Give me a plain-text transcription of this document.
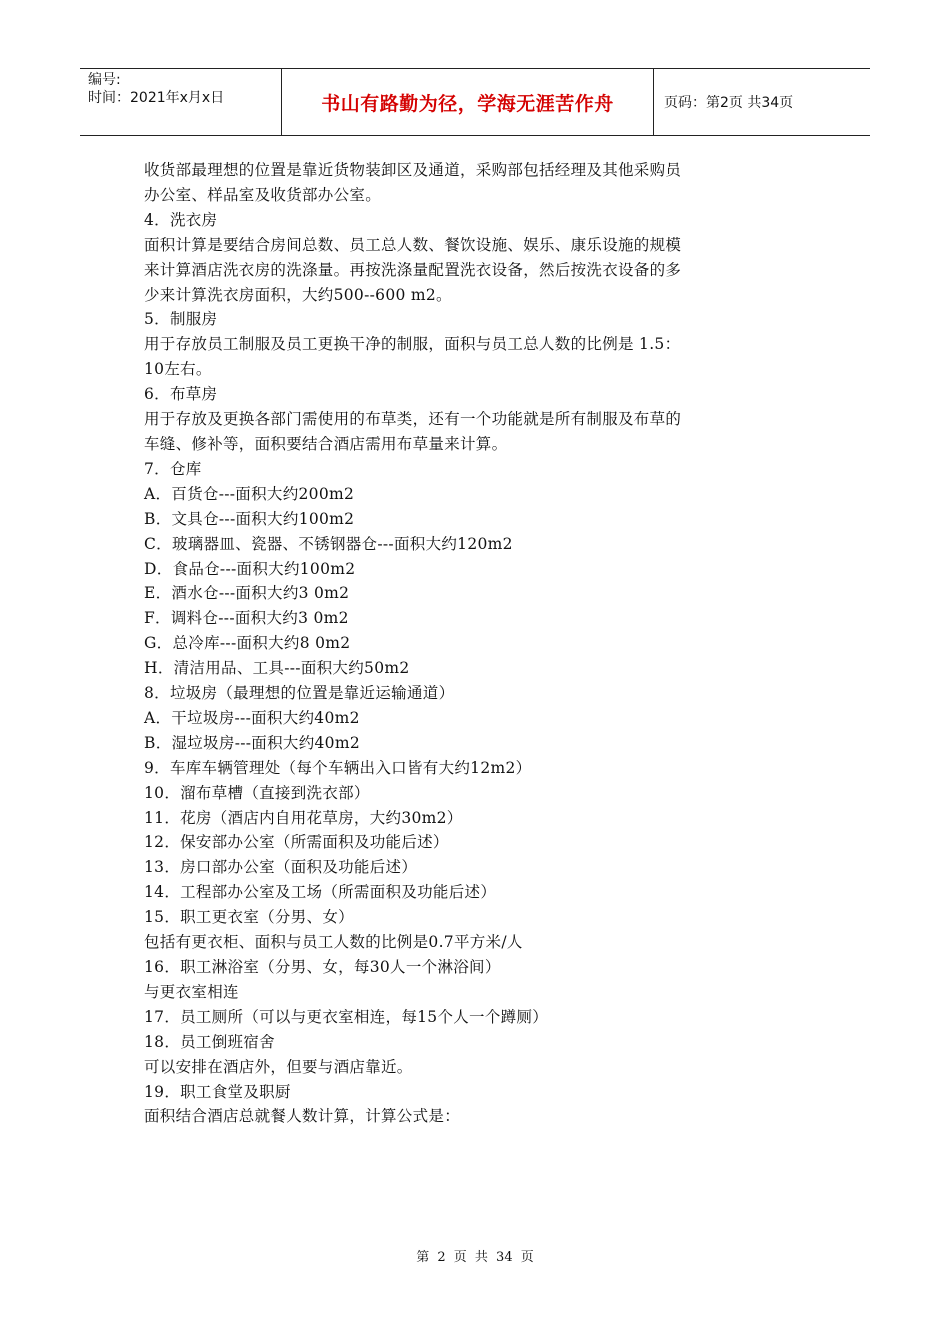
编号:
时间：2021年x月x日	书山有路勤为径，学海无涯苦作舟	页码：第2页 共34页
收货部最理想的位置是靠近货物装卸区及通道，采购部包括经理及其他采购员
办公室、样品室及收货部办公室。
4．洗衣房
面积计算是要结合房间总数、员工总人数、餐饮设施、娱乐、康乐设施的规模
来计算酒店洗衣房的洗涤量。再按洗涤量配置洗衣设备，然后按洗衣设备的多
少来计算洗衣房面积，大约500--600 m2。
5．制服房
用于存放员工制服及员工更换干净的制服，面积与员工总人数的比例是 1.5：
10左右。
6．布草房
用于存放及更换各部门需使用的布草类，还有一个功能就是所有制服及布草的
车缝、修补等，面积要结合酒店需用布草量来计算。
7．仓库
A．百货仓---面积大约200m2
B．文具仓---面积大约100m2
C．玻璃器皿、瓷器、不锈钢器仓---面积大约120m2
D．食品仓---面积大约100m2
E．酒水仓---面积大约3 0m2
F．调料仓---面积大约3 0m2
G．总冷库---面积大约8 0m2
H．清洁用品、工具---面积大约50m2
8．垃圾房（最理想的位置是靠近运输通道）
A．干垃圾房---面积大约40m2
B．湿垃圾房---面积大约40m2
9．车库车辆管理处（每个车辆出入口皆有大约12m2）
10．溜布草槽（直接到洗衣部）
11．花房（酒店内自用花草房，大约30m2）
12．保安部办公室（所需面积及功能后述）
13．房口部办公室（面积及功能后述）
14．工程部办公室及工场（所需面积及功能后述）
15．职工更衣室（分男、女）
包括有更衣柜、面积与员工人数的比例是0.7平方米/人
16．职工淋浴室（分男、女，每30人一个淋浴间）
与更衣室相连
17．员工厕所（可以与更衣室相连，每15个人一个蹲厕）
18．员工倒班宿舍
可以安排在酒店外，但要与酒店靠近。
19．职工食堂及职厨
面积结合酒店总就餐人数计算，计算公式是：
第 2 页 共 34 页
